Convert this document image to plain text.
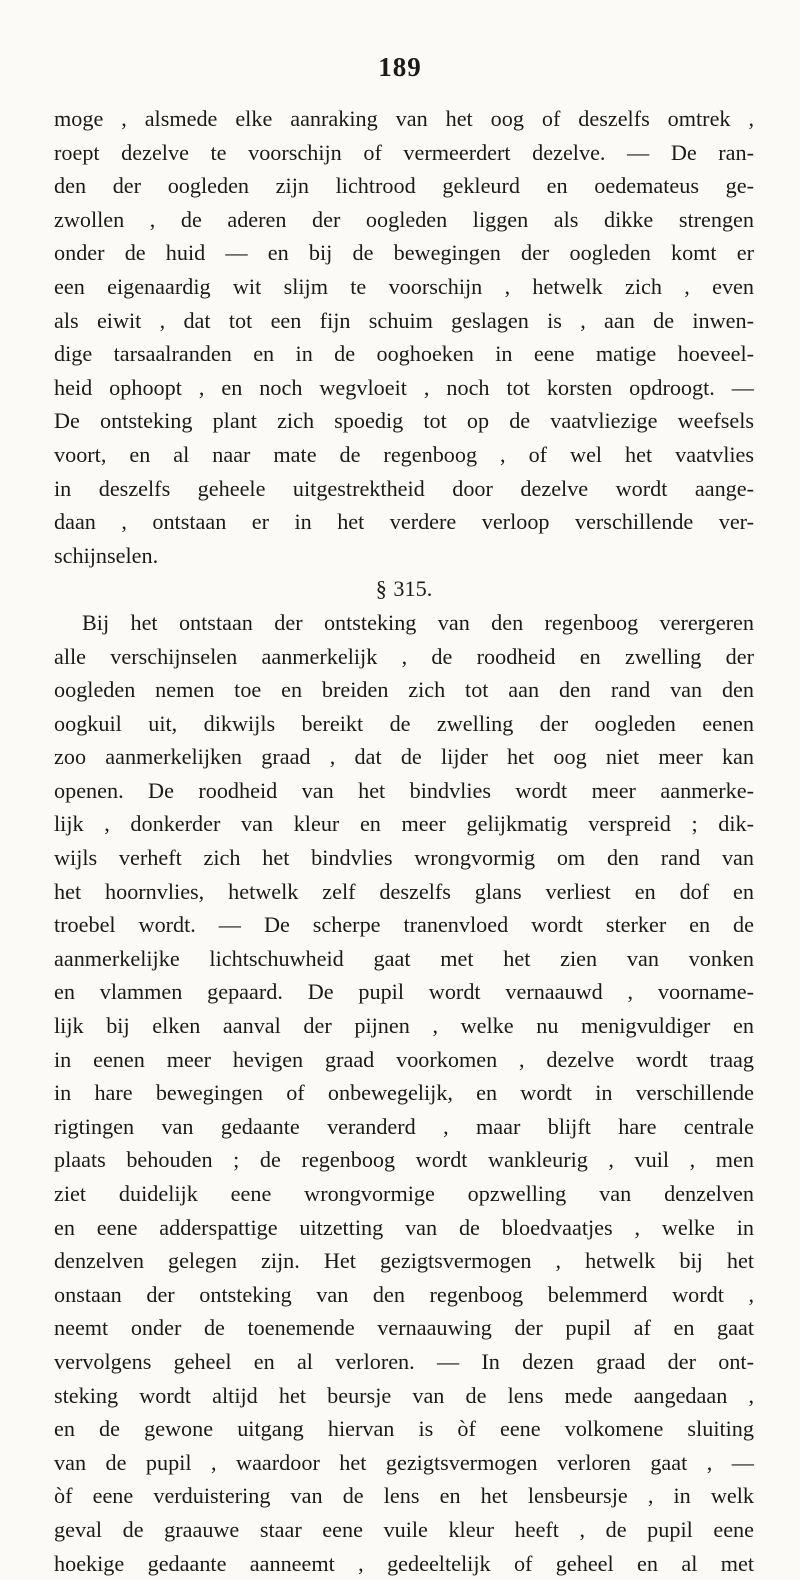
189
moge , alsmede elke aanraking van het oog of deszelfs omtrek ,
roept dezelve te voorschijn of vermeerdert dezelve. — De ran-
den der oogleden zijn lichtrood gekleurd en oedemateus ge-
zwollen , de aderen der oogleden liggen als dikke strengen
onder de huid — en bij de bewegingen der oogleden komt er
een eigenaardig wit slijm te voorschijn , hetwelk zich , even
als eiwit , dat tot een fijn schuim geslagen is , aan de inwen-
dige tarsaalranden en in de ooghoeken in eene matige hoeveel-
heid ophoopt , en noch wegvloeit , noch tot korsten opdroogt. —
De ontsteking plant zich spoedig tot op de vaatvliezige weefsels
voort, en al naar mate de regenboog , of wel het vaatvlies
in deszelfs geheele uitgestrektheid door dezelve wordt aange-
daan , ontstaan er in het verdere verloop verschillende ver-
schijnselen.
§ 315.
Bij het ontstaan der ontsteking van den regenboog verergeren
alle verschijnselen aanmerkelijk , de roodheid en zwelling der
oogleden nemen toe en breiden zich tot aan den rand van den
oogkuil uit, dikwijls bereikt de zwelling der oogleden eenen
zoo aanmerkelijken graad , dat de lijder het oog niet meer kan
openen. De roodheid van het bindvlies wordt meer aanmerke-
lijk , donkerder van kleur en meer gelijkmatig verspreid ; dik-
wijls verheft zich het bindvlies wrongvormig om den rand van
het hoornvlies, hetwelk zelf deszelfs glans verliest en dof en
troebel wordt. — De scherpe tranenvloed wordt sterker en de
aanmerkelijke lichtschuwheid gaat met het zien van vonken
en vlammen gepaard. De pupil wordt vernaauwd , voorname-
lijk bij elken aanval der pijnen , welke nu menigvuldiger en
in eenen meer hevigen graad voorkomen , dezelve wordt traag
in hare bewegingen of onbewegelijk, en wordt in verschillende
rigtingen van gedaante veranderd , maar blijft hare centrale
plaats behouden ; de regenboog wordt wankleurig , vuil , men
ziet duidelijk eene wrongvormige opzwelling van denzelven
en eene adderspattige uitzetting van de bloedvaatjes , welke in
denzelven gelegen zijn. Het gezigtsvermogen , hetwelk bij het
onstaan der ontsteking van den regenboog belemmerd wordt ,
neemt onder de toenemende vernaauwing der pupil af en gaat
vervolgens geheel en al verloren. — In dezen graad der ont-
steking wordt altijd het beursje van de lens mede aangedaan ,
en de gewone uitgang hiervan is òf eene volkomene sluiting
van de pupil , waardoor het gezigtsvermogen verloren gaat , —
òf eene verduistering van de lens en het lensbeursje , in welk
geval de graauwe staar eene vuile kleur heeft , de pupil eene
hoekige gedaante aanneemt , gedeeltelijk of geheel en al met
